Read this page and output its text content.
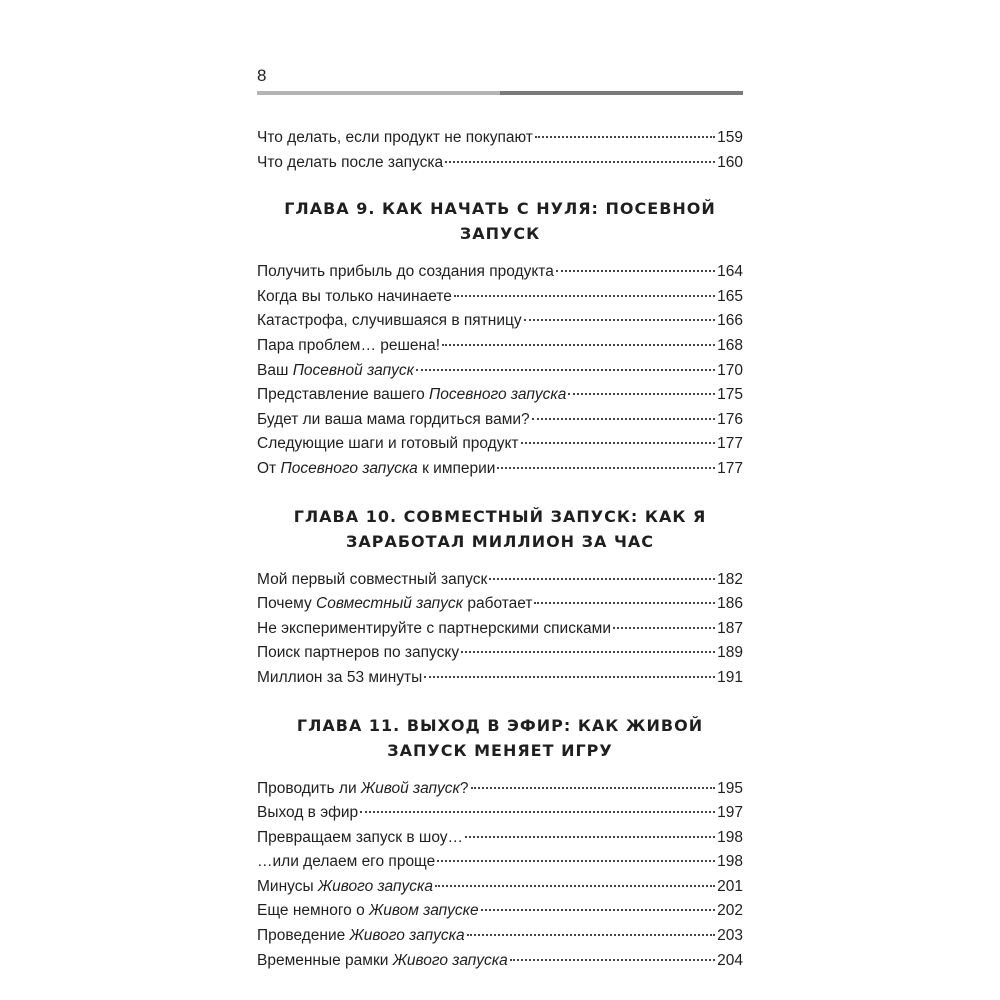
8
Что делать, если продукт не покупают	159
Что делать после запуска	160
ГЛАВА 9. КАК НАЧАТЬ С НУЛЯ: ПОСЕВНОЙ ЗАПУСК
Получить прибыль до создания продукта	164
Когда вы только начинаете	165
Катастрофа, случившаяся в пятницу	166
Пара проблем… решена!	168
Ваш Посевной запуск	170
Представление вашего Посевного запуска	175
Будет ли ваша мама гордиться вами?	176
Следующие шаги и готовый продукт	177
От Посевного запуска к империи	177
ГЛАВА 10. СОВМЕСТНЫЙ ЗАПУСК: КАК Я ЗАРАБОТАЛ МИЛЛИОН ЗА ЧАС
Мой первый совместный запуск	182
Почему Совместный запуск работает	186
Не экспериментируйте с партнерскими списками	187
Поиск партнеров по запуску	189
Миллион за 53 минуты	191
ГЛАВА 11. ВЫХОД В ЭФИР: КАК ЖИВОЙ ЗАПУСК МЕНЯЕТ ИГРУ
Проводить ли Живой запуск?	195
Выход в эфир	197
Превращаем запуск в шоу…	198
…или делаем его проще	198
Минусы Живого запуска	201
Еще немного о Живом запуске	202
Проведение Живого запуска	203
Временные рамки Живого запуска	204
